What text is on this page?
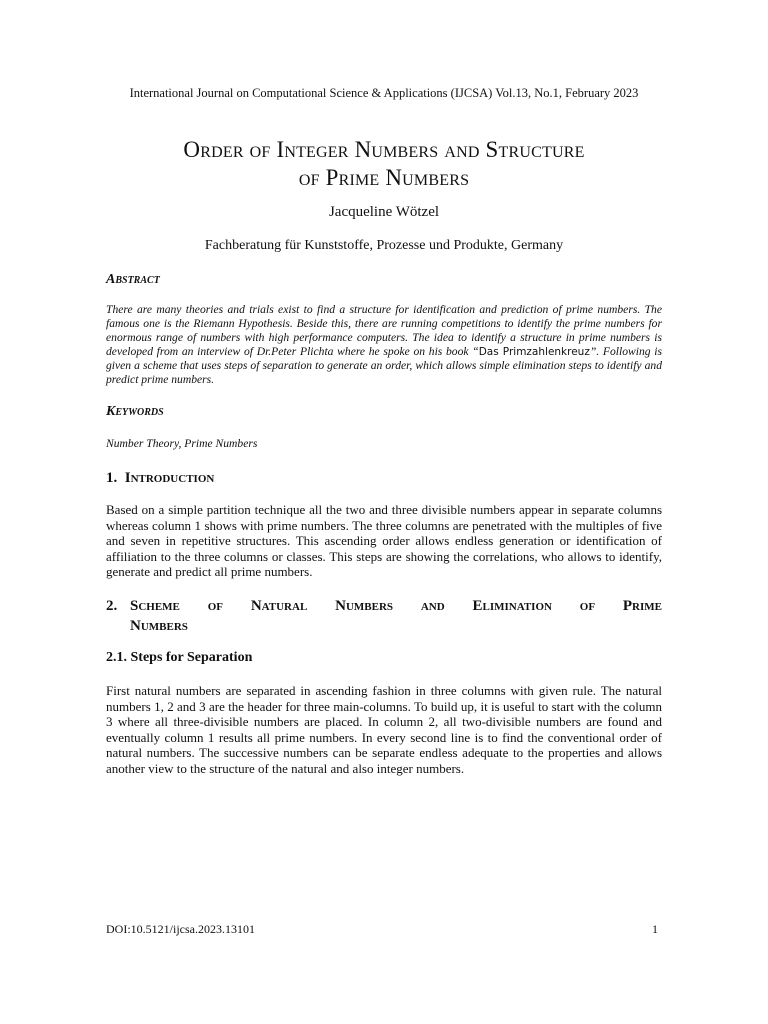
International Journal on Computational Science & Applications (IJCSA) Vol.13, No.1, February 2023
Order of Integer Numbers and Structure
of Prime Numbers
Jacqueline Wötzel
Fachberatung für Kunststoffe, Prozesse und Produkte, Germany
Abstract
There are many theories and trials exist to find a structure for identification and prediction of prime numbers. The famous one is the Riemann Hypothesis. Beside this, there are running competitions to identify the prime numbers for enormous range of numbers with high performance computers. The idea to identify a structure in prime numbers is developed from an interview of Dr.Peter Plichta where he spoke on his book “Das Primzahlenkreuz”. Following is given a scheme that uses steps of separation to generate an order, which allows simple elimination steps to identify and predict prime numbers.
Keywords
Number Theory, Prime Numbers
1. Introduction
Based on a simple partition technique all the two and three divisible numbers appear in separate columns whereas column 1 shows with prime numbers. The three columns are penetrated with the multiples of five and seven in repetitive structures. This ascending order allows endless generation or identification of affiliation to the three columns or classes. This steps are showing the correlations, who allows to identify, generate and predict all prime numbers.
2. Scheme of Natural Numbers and Elimination of Prime
Numbers
2.1. Steps for Separation
First natural numbers are separated in ascending fashion in three columns with given rule. The natural numbers 1, 2 and 3 are the header for three main-columns. To build up, it is useful to start with the column 3 where all three-divisible numbers are placed. In column 2, all two-divisible numbers are found and eventually column 1 results all prime numbers. In every second line is to find the conventional order of natural numbers. The successive numbers can be separate endless adequate to the properties and allows another view to the structure of the natural and also integer numbers.
DOI:10.5121/ijcsa.2023.13101	1
